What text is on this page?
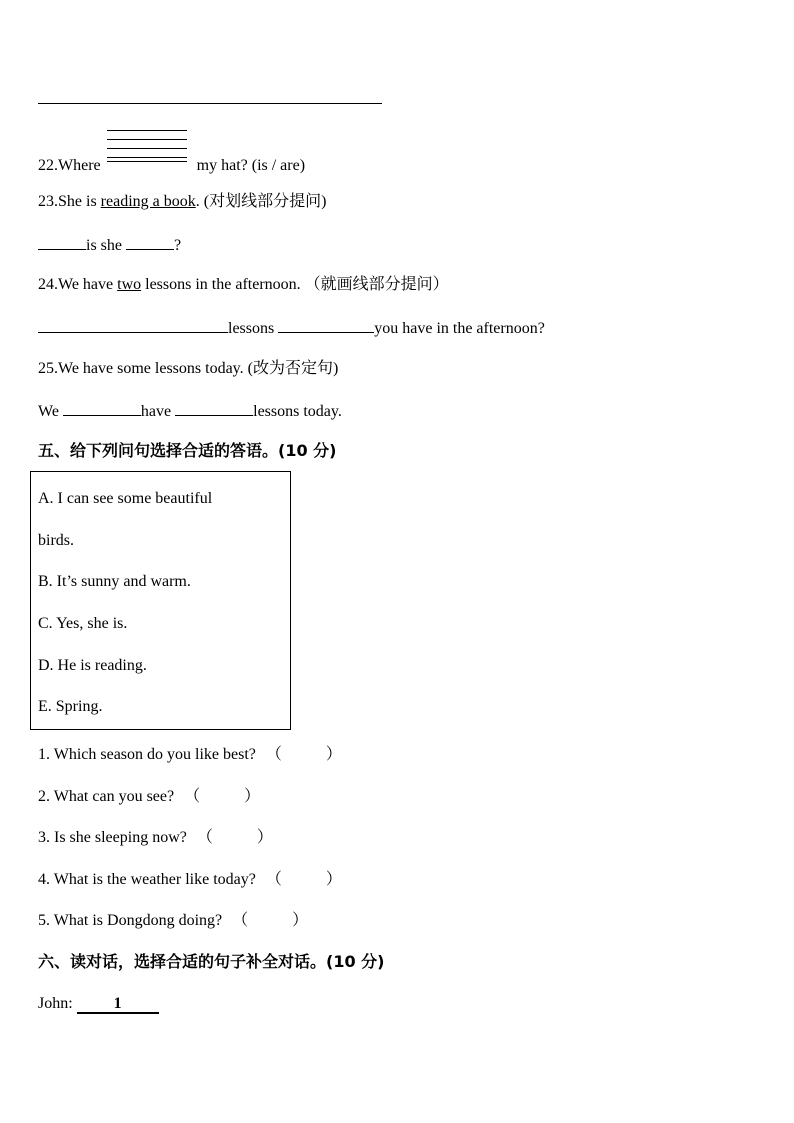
22.Where	my hat? (is / are)
23.She is reading a book. (对划线部分提问)
is she	?
24.We have two lessons in the afternoon. （就画线部分提问）
lessons	you have in the afternoon?
25.We have some lessons today. (改为否定句)
We	have	lessons today.
五、给下列问句选择合适的答语。(10 分)
A. I can see some beautiful
birds.
B. It’s sunny and warm.
C. Yes, she is.
D. He is reading.
E. Spring.
1. Which season do you like best? （	）
2. What can you see? （	）
3. Is she sleeping now? （	）
4. What is the weather like today? （	）
5. What is Dongdong doing? （	）
六、读对话，选择合适的句子补全对话。(10 分)
John:	1
